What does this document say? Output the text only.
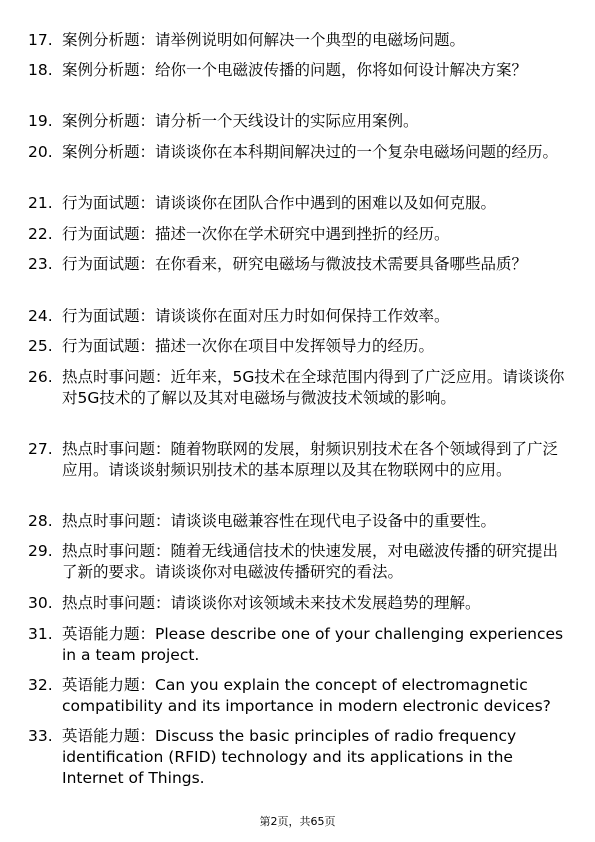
17. 案例分析题：请举例说明如何解决一个典型的电磁场问题。
18. 案例分析题：给你一个电磁波传播的问题，你将如何设计解决方案？
19. 案例分析题：请分析一个天线设计的实际应用案例。
20. 案例分析题：请谈谈你在本科期间解决过的一个复杂电磁场问题的经历。
21. 行为面试题：请谈谈你在团队合作中遇到的困难以及如何克服。
22. 行为面试题：描述一次你在学术研究中遇到挫折的经历。
23. 行为面试题：在你看来，研究电磁场与微波技术需要具备哪些品质？
24. 行为面试题：请谈谈你在面对压力时如何保持工作效率。
25. 行为面试题：描述一次你在项目中发挥领导力的经历。
26. 热点时事问题：近年来，5G技术在全球范围内得到了广泛应用。请谈谈你对5G技术的了解以及其对电磁场与微波技术领域的影响。
27. 热点时事问题：随着物联网的发展，射频识别技术在各个领域得到了广泛应用。请谈谈射频识别技术的基本原理以及其在物联网中的应用。
28. 热点时事问题：请谈谈电磁兼容性在现代电子设备中的重要性。
29. 热点时事问题：随着无线通信技术的快速发展，对电磁波传播的研究提出了新的要求。请谈谈你对电磁波传播研究的看法。
30. 热点时事问题：请谈谈你对该领域未来技术发展趋势的理解。
31. 英语能力题：Please describe one of your challenging experiences in a team project.
32. 英语能力题：Can you explain the concept of electromagnetic compatibility and its importance in modern electronic devices?
33. 英语能力题：Discuss the basic principles of radio frequency identification (RFID) technology and its applications in the Internet of Things.
第2页，共65页
